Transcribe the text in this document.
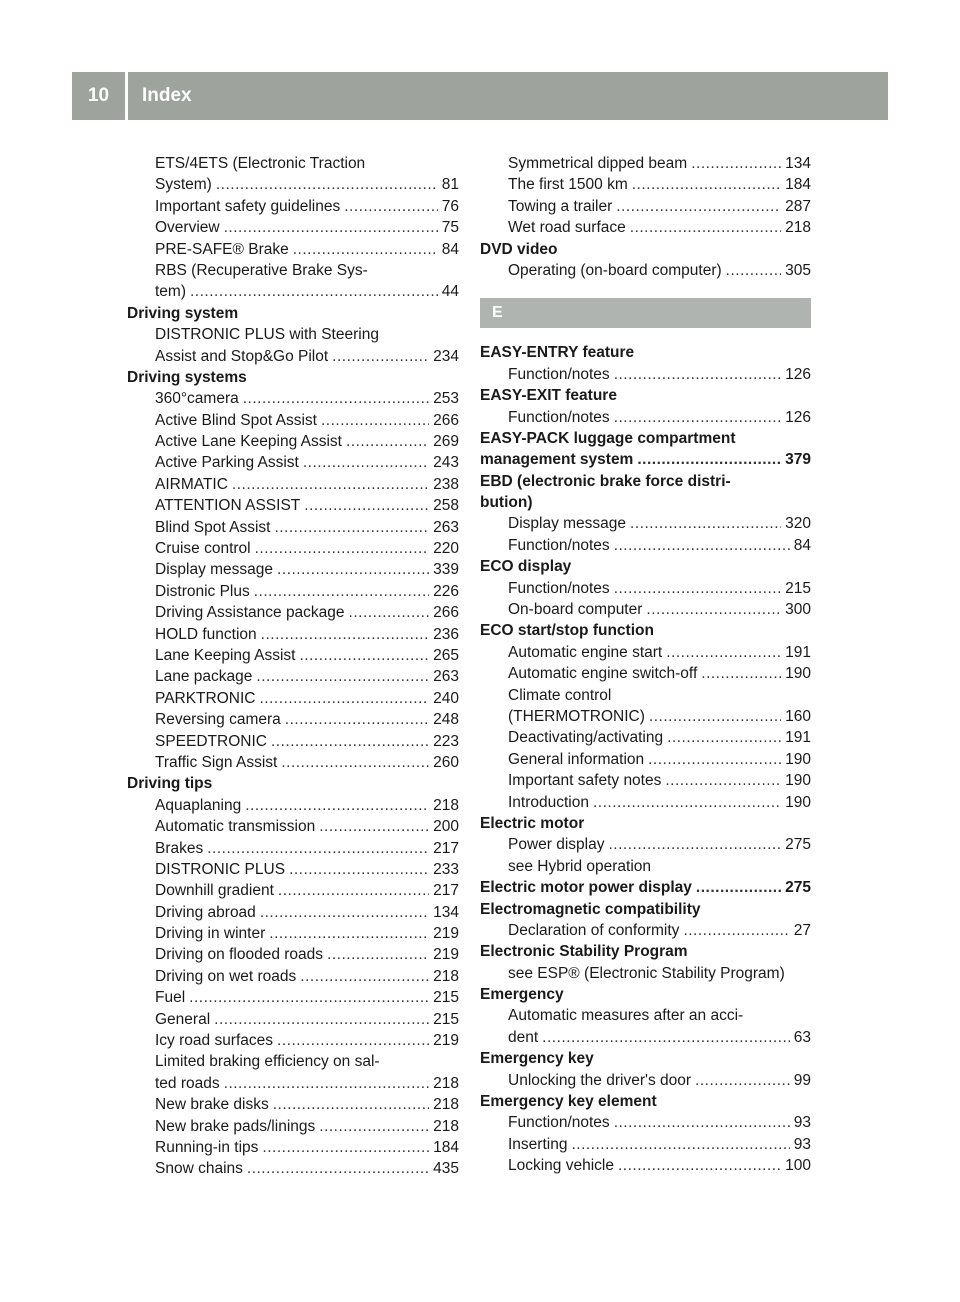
10	Index
ETS/4ETS (Electronic Traction
System) .....	81
Important safety guidelines .....	76
Overview .....	75
PRE-SAFE® Brake .....	84
RBS (Recuperative Brake Sys-
tem) .....	44
Driving system
DISTRONIC PLUS with Steering
Assist and Stop&Go Pilot .....	234
Driving systems
360°camera .....	253
Active Blind Spot Assist .....	266
Active Lane Keeping Assist .....	269
Active Parking Assist .....	243
AIRMATIC .....	238
ATTENTION ASSIST .....	258
Blind Spot Assist .....	263
Cruise control .....	220
Display message .....	339
Distronic Plus .....	226
Driving Assistance package .....	266
HOLD function .....	236
Lane Keeping Assist .....	265
Lane package .....	263
PARKTRONIC .....	240
Reversing camera .....	248
SPEEDTRONIC .....	223
Traffic Sign Assist .....	260
Driving tips
Aquaplaning .....	218
Automatic transmission .....	200
Brakes .....	217
DISTRONIC PLUS .....	233
Downhill gradient .....	217
Driving abroad .....	134
Driving in winter .....	219
Driving on flooded roads .....	219
Driving on wet roads .....	218
Fuel .....	215
General .....	215
Icy road surfaces .....	219
Limited braking efficiency on sal-
ted roads .....	218
New brake disks .....	218
New brake pads/linings .....	218
Running-in tips .....	184
Snow chains .....	435
Symmetrical dipped beam .....	134
The first 1500 km .....	184
Towing a trailer .....	287
Wet road surface .....	218
DVD video
Operating (on-board computer) .....	305
E
EASY-ENTRY feature
Function/notes .....	126
EASY-EXIT feature
Function/notes .....	126
EASY-PACK luggage compartment
management system .....	379
EBD (electronic brake force distri-
bution)
Display message .....	320
Function/notes .....	84
ECO display
Function/notes .....	215
On-board computer .....	300
ECO start/stop function
Automatic engine start .....	191
Automatic engine switch-off .....	190
Climate control
(THERMOTRONIC) .....	160
Deactivating/activating .....	191
General information .....	190
Important safety notes .....	190
Introduction .....	190
Electric motor
Power display .....	275
see Hybrid operation
Electric motor power display .....	275
Electromagnetic compatibility
Declaration of conformity .....	27
Electronic Stability Program
see ESP® (Electronic Stability Program)
Emergency
Automatic measures after an acci-
dent .....	63
Emergency key
Unlocking the driver's door .....	99
Emergency key element
Function/notes .....	93
Inserting .....	93
Locking vehicle .....	100
